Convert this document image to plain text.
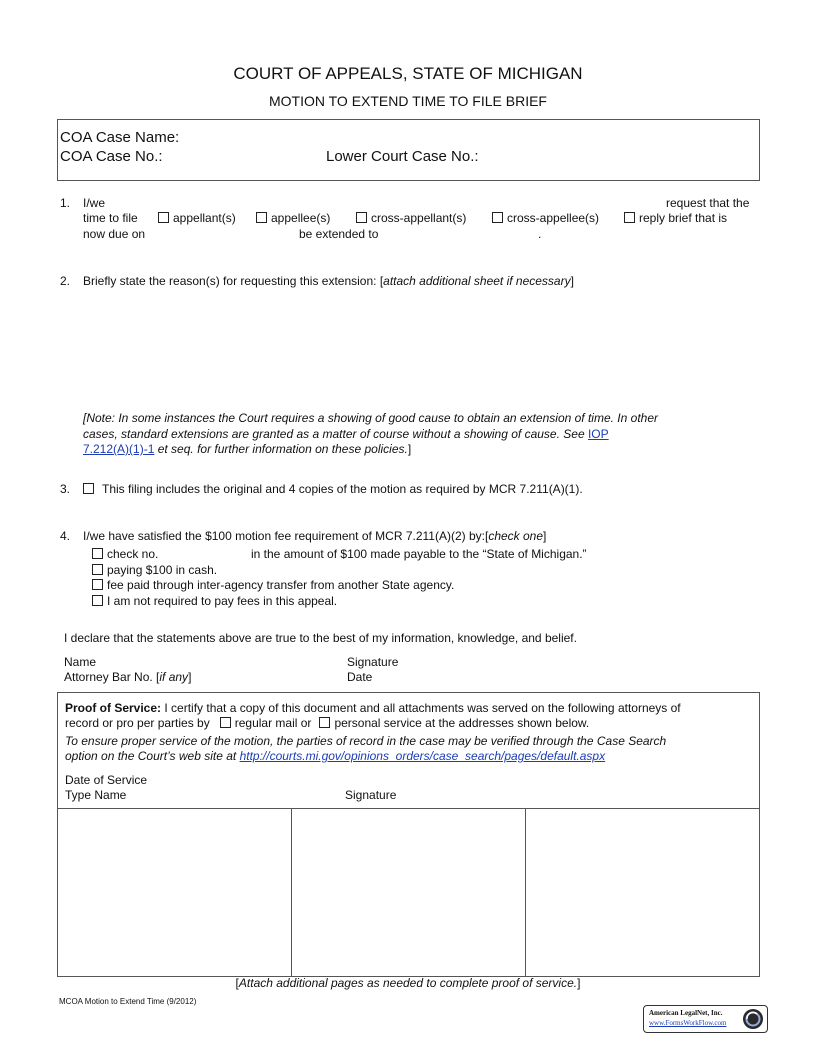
COURT OF APPEALS, STATE OF MICHIGAN
MOTION TO EXTEND TIME TO FILE BRIEF
COA Case Name:
COA Case No.:	Lower Court Case No.:
1. I/we	request that the
time to file	appellant(s)	appellee(s)	cross-appellant(s)	cross-appellee(s)	reply brief that is
now due on	be extended to	.
2. Briefly state the reason(s) for requesting this extension: [attach additional sheet if necessary]
[Note: In some instances the Court requires a showing of good cause to obtain an extension of time. In other
cases, standard extensions are granted as a matter of course without a showing of cause. See IOP
7.212(A)(1)-1 et seq. for further information on these policies.]
3.	This filing includes the original and 4 copies of the motion as required by MCR 7.211(A)(1).
4. I/we have satisfied the $100 motion fee requirement of MCR 7.211(A)(2) by:[check one]
check no.	in the amount of $100 made payable to the “State of Michigan.”
paying $100 in cash.
fee paid through inter-agency transfer from another State agency.
I am not required to pay fees in this appeal.
I declare that the statements above are true to the best of my information, knowledge, and belief.
Name	Signature
Attorney Bar No. [if any]	Date
Proof of Service: I certify that a copy of this document and all attachments was served on the following attorneys of
record or pro per parties by regular mail or personal service at the addresses shown below.
To ensure proper service of the motion, the parties of record in the case may be verified through the Case Search
option on the Court’s web site at http://courts.mi.gov/opinions_orders/case_search/pages/default.aspx
Date of Service
Type Name	Signature
[Attach additional pages as needed to complete proof of service.]
MCOA Motion to Extend Time (9/2012)
American LegalNet, Inc.
www.FormsWorkFlow.com
